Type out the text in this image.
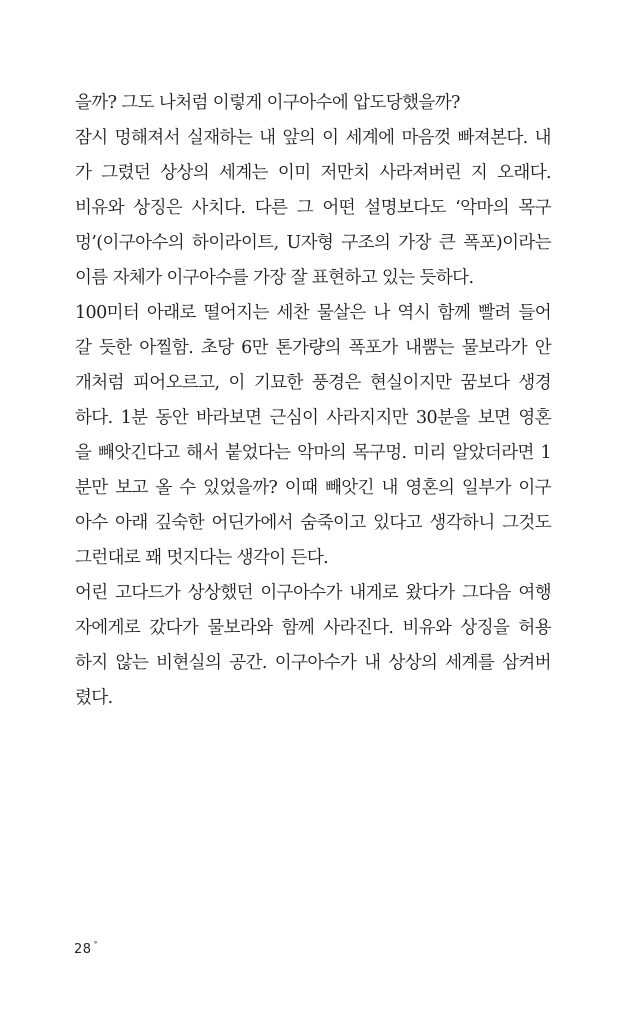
을까? 그도 나처럼 이렇게 이구아수에 압도당했을까?

잠시 멍해져서 실재하는 내 앞의 이 세계에 마음껏 빠져본다. 내

가 그렸던 상상의 세계는 이미 저만치 사라져버린 지 오래다.

비유와 상징은 사치다. 다른 그 어떤 설명보다도 ‘악마의 목구

멍’(이구아수의 하이라이트, U자형 구조의 가장 큰 폭포)이라는

이름 자체가 이구아수를 가장 잘 표현하고 있는 듯하다.

100미터 아래로 떨어지는 세찬 물살은 나 역시 함께 빨려 들어

갈 듯한 아찔함. 초당 6만 톤가량의 폭포가 내뿜는 물보라가 안

개처럼 피어오르고, 이 기묘한 풍경은 현실이지만 꿈보다 생경

하다. 1분 동안 바라보면 근심이 사라지지만 30분을 보면 영혼

을 빼앗긴다고 해서 붙었다는 악마의 목구멍. 미리 알았더라면 1

분만 보고 올 수 있었을까? 이때 빼앗긴 내 영혼의 일부가 이구

아수 아래 깊숙한 어딘가에서 숨죽이고 있다고 생각하니 그것도

그런대로 꽤 멋지다는 생각이 든다.

어린 고다드가 상상했던 이구아수가 내게로 왔다가 그다음 여행

자에게로 갔다가 물보라와 함께 사라진다. 비유와 상징을 허용

하지 않는 비현실의 공간. 이구아수가 내 상상의 세계를 삼켜버

렸다.

28 °
